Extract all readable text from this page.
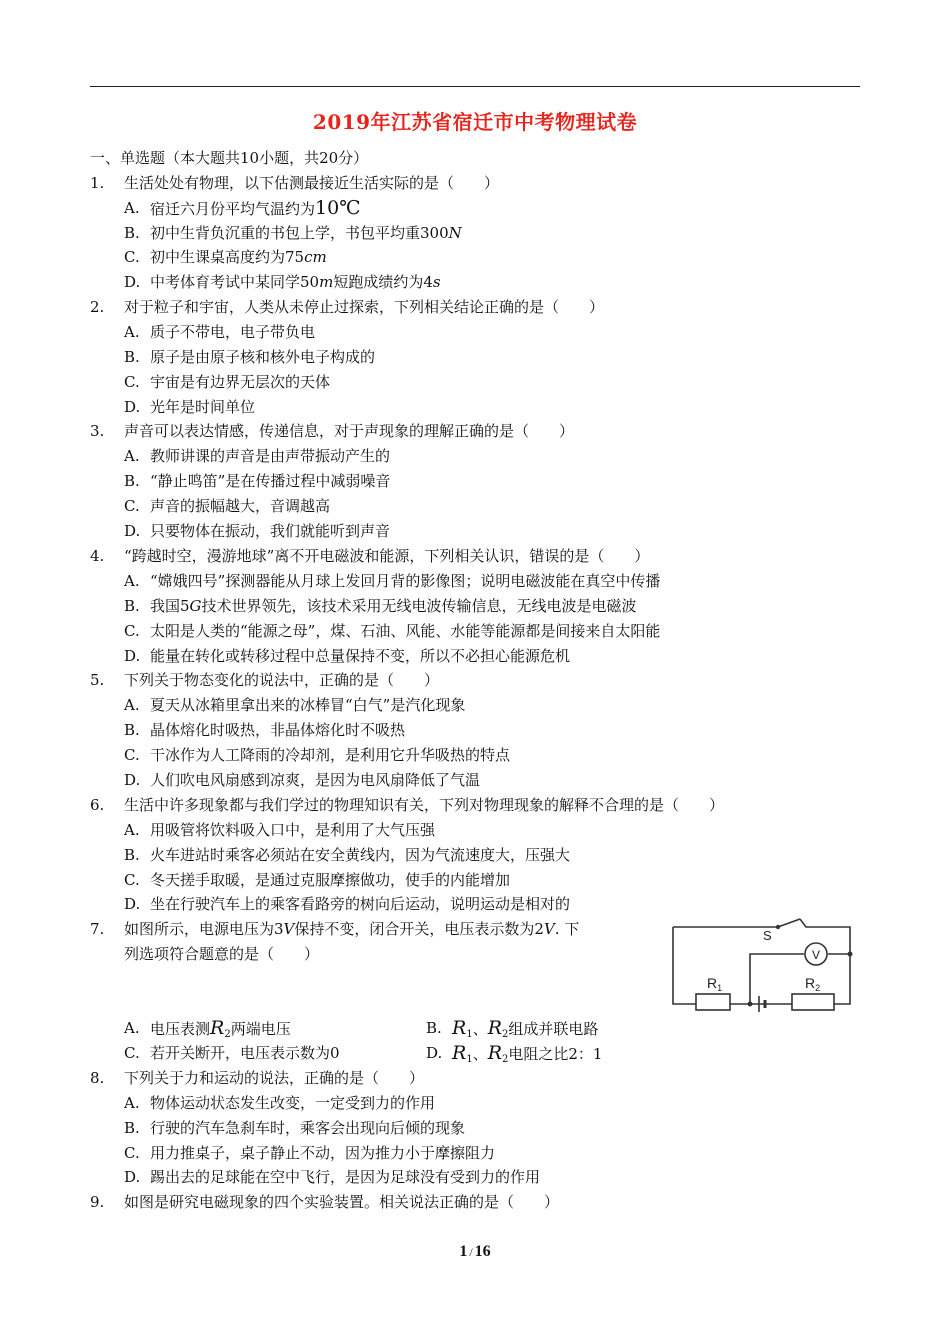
2019年江苏省宿迁市中考物理试卷
一、单选题（本大题共10小题，共20分）
1.	生活处处有物理，以下估测最接近生活实际的是（　　）
A. 宿迁六月份平均气温约为10℃
B. 初中生背负沉重的书包上学，书包平均重300N
C. 初中生课桌高度约为75cm
D. 中考体育考试中某同学50m短跑成绩约为4s
2.	对于粒子和宇宙，人类从未停止过探索，下列相关结论正确的是（　　）
A. 质子不带电，电子带负电
B. 原子是由原子核和核外电子构成的
C. 宇宙是有边界无层次的天体
D. 光年是时间单位
3.	声音可以表达情感，传递信息，对于声现象的理解正确的是（　　）
A. 教师讲课的声音是由声带振动产生的
B. “静止鸣笛”是在传播过程中减弱噪音
C. 声音的振幅越大，音调越高
D. 只要物体在振动，我们就能听到声音
4.	“跨越时空，漫游地球”离不开电磁波和能源，下列相关认识，错误的是（　　）
A. “嫦娥四号”探测器能从月球上发回月背的影像图；说明电磁波能在真空中传播
B. 我国5G技术世界领先，该技术采用无线电波传输信息，无线电波是电磁波
C. 太阳是人类的“能源之母”，煤、石油、风能、水能等能源都是间接来自太阳能
D. 能量在转化或转移过程中总量保持不变，所以不必担心能源危机
5.	下列关于物态变化的说法中，正确的是（　　）
A. 夏天从冰箱里拿出来的冰棒冒“白气”是汽化现象
B. 晶体熔化时吸热，非晶体熔化时不吸热
C. 干冰作为人工降雨的冷却剂，是利用它升华吸热的特点
D. 人们吹电风扇感到凉爽，是因为电风扇降低了气温
6.	生活中许多现象都与我们学过的物理知识有关，下列对物理现象的解释不合理的是（　　）
A. 用吸管将饮料吸入口中，是利用了大气压强
B. 火车进站时乘客必须站在安全黄线内，因为气流速度大，压强大
C. 冬天搓手取暖，是通过克服摩擦做功，使手的内能增加
D. 坐在行驶汽车上的乘客看路旁的树向后运动，说明运动是相对的
7.	如图所示，电源电压为3V保持不变，闭合开关，电压表示数为2V. 下
列选项符合题意的是（　　）
S
V
$R_1$	$R_2$
A. 电压表测$R_2$两端电压	B. $R_1$、$R_2$组成并联电路
C. 若开关断开，电压表示数为0	D. $R_1$、$R_2$电阻之比2：1
8.	下列关于力和运动的说法，正确的是（　　）
A. 物体运动状态发生改变，一定受到力的作用
B. 行驶的汽车急刹车时，乘客会出现向后倾的现象
C. 用力推桌子，桌子静止不动，因为推力小于摩擦阻力
D. 踢出去的足球能在空中飞行，是因为足球没有受到力的作用
9.	如图是研究电磁现象的四个实验装置。相关说法正确的是（　　）
1 / 16
